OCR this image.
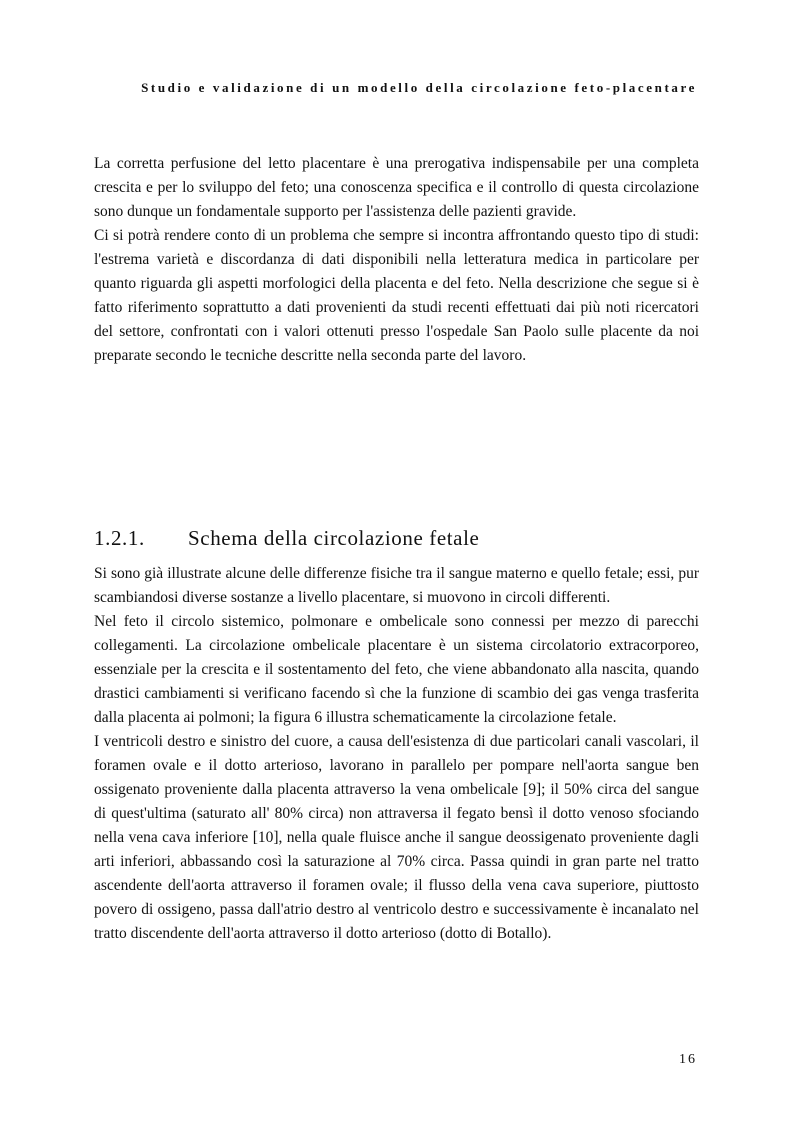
Studio e validazione di un modello della circolazione feto-placentare

La corretta perfusione del letto placentare è una prerogativa indispensabile per una completa crescita e per lo sviluppo del feto; una conoscenza specifica e il controllo di questa circolazione sono dunque un fondamentale supporto per l'assistenza delle pazienti gravide.

Ci si potrà rendere conto di un problema che sempre si incontra affrontando questo tipo di studi: l'estrema varietà e discordanza di dati disponibili nella letteratura medica in particolare per quanto riguarda gli aspetti morfologici della placenta e del feto. Nella descrizione che segue si è fatto riferimento soprattutto a dati provenienti da studi recenti effettuati dai più noti ricercatori del settore, confrontati con i valori ottenuti presso l'ospedale San Paolo sulle placente da noi preparate secondo le tecniche descritte nella seconda parte del lavoro.

1.2.1. Schema della circolazione fetale

Si sono già illustrate alcune delle differenze fisiche tra il sangue materno e quello fetale; essi, pur scambiandosi diverse sostanze a livello placentare, si muovono in circoli differenti.

Nel feto il circolo sistemico, polmonare e ombelicale sono connessi per mezzo di parecchi collegamenti. La circolazione ombelicale placentare è un sistema circolatorio extracorporeo, essenziale per la crescita e il sostentamento del feto, che viene abbandonato alla nascita, quando drastici cambiamenti si verificano facendo sì che la funzione di scambio dei gas venga trasferita dalla placenta ai polmoni; la figura 6 illustra schematicamente la circolazione fetale.

I ventricoli destro e sinistro del cuore, a causa dell'esistenza di due particolari canali vascolari, il foramen ovale e il dotto arterioso, lavorano in parallelo per pompare nell'aorta sangue ben ossigenato proveniente dalla placenta attraverso la vena ombelicale [9]; il 50% circa del sangue di quest'ultima (saturato all' 80% circa) non attraversa il fegato bensì il dotto venoso sfociando nella vena cava inferiore [10], nella quale fluisce anche il sangue deossigenato proveniente dagli arti inferiori, abbassando così la saturazione al 70% circa. Passa quindi in gran parte nel tratto ascendente dell'aorta attraverso il foramen ovale; il flusso della vena cava superiore, piuttosto povero di ossigeno, passa dall'atrio destro al ventricolo destro e successivamente è incanalato nel tratto discendente dell'aorta attraverso il dotto arterioso (dotto di Botallo).

16
